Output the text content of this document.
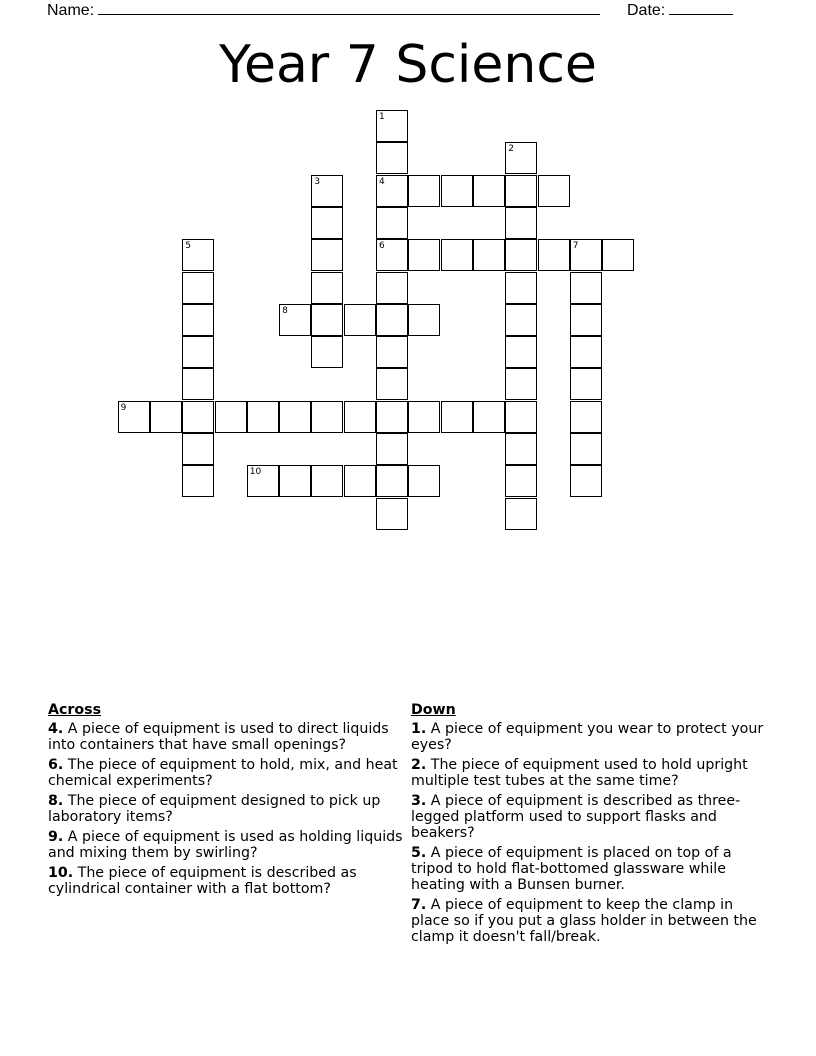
Name:	Date:
Year 7 Science
1
4
6
2
3
5	7
8
9
10
Across
4. A piece of equipment is used to direct liquids into containers that have small openings?
6. The piece of equipment to hold, mix, and heat chemical experiments?
8. The piece of equipment designed to pick up laboratory items?
9. A piece of equipment is used as holding liquids and mixing them by swirling?
10. The piece of equipment is described as cylindrical container with a flat bottom?
Down
1. A piece of equipment you wear to protect your eyes?
2. The piece of equipment used to hold upright multiple test tubes at the same time?
3. A piece of equipment is described as three-legged platform used to support flasks and beakers?
5. A piece of equipment is placed on top of a tripod to hold flat-bottomed glassware while heating with a Bunsen burner.
7. A piece of equipment to keep the clamp in place so if you put a glass holder in between the clamp it doesn't fall/break.
